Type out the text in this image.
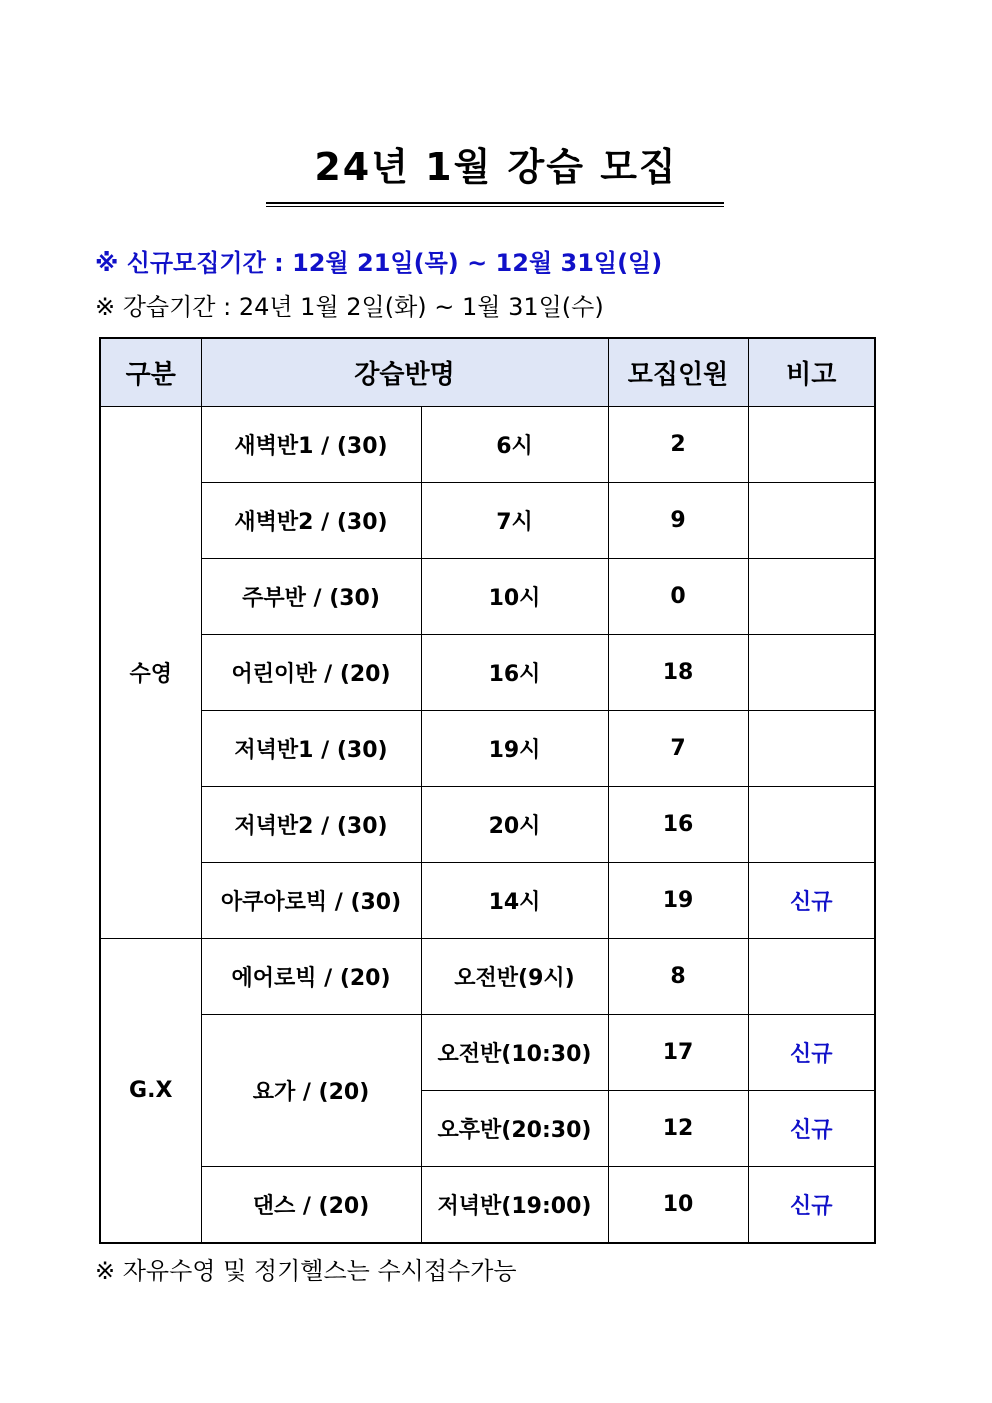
24년 1월 강습 모집
※ 신규모집기간 : 12월 21일(목) ~ 12월 31일(일)
※ 강습기간 : 24년 1월 2일(화) ~ 1월 31일(수)
구분	강습반명		모집인원	비고
수영	새벽반1 / (30)	6시	2	
	새벽반2 / (30)	7시	9	
	주부반 / (30)	10시	0	
	어린이반 / (20)	16시	18	
	저녁반1 / (30)	19시	7	
	저녁반2 / (30)	20시	16	
	아쿠아로빅 / (30)	14시	19	신규
G.X	에어로빅 / (20)	오전반(9시)	8	
	요가 / (20)	오전반(10:30)	17	신규
		오후반(20:30)	12	신규
	댄스 / (20)	저녁반(19:00)	10	신규
※ 자유수영 및 정기헬스는 수시접수가능
